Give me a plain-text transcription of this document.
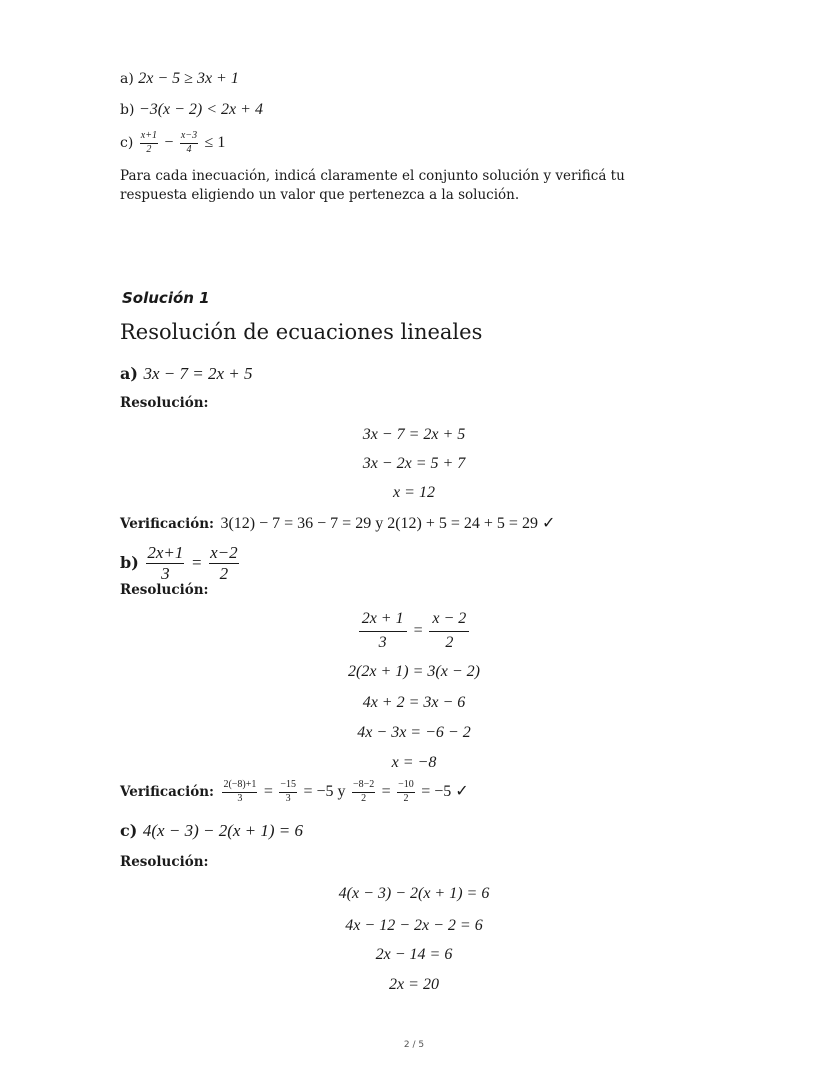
a) 2x − 5 ≥ 3x + 1
b) −3(x − 2) < 2x + 4
$c) \frac{x+1}{2} - \frac{x-3}{4} \le 1$
Para cada inecuación, indicá claramente el conjunto solución y verificá tu respuesta eligiendo un valor que pertenezca a la solución.
Solución 1
Resolución de ecuaciones lineales
a) 3x − 7 = 2x + 5
Resolución:
3x − 7 = 2x + 5
3x − 2x = 5 + 7
x = 12
Verificación: 3(12) − 7 = 36 − 7 = 29 y 2(12) + 5 = 24 + 5 = 29 ✓
$b) \frac{2x+1}{3} = \frac{x-2}{2}$
Resolución:
$\frac{2x + 1}{3} = \frac{x - 2}{2}$
2(2x + 1) = 3(x − 2)
4x + 2 = 3x − 6
4x − 3x = −6 − 2
x = −8
Verificación: $\frac{2(-8)+1}{3} = \frac{-15}{3} = -5$ y $\frac{-8-2}{2} = \frac{-10}{2} = -5$ ✓
c) 4(x − 3) − 2(x + 1) = 6
Resolución:
4(x − 3) − 2(x + 1) = 6
4x − 12 − 2x − 2 = 6
2x − 14 = 6
2x = 20
2 / 5
